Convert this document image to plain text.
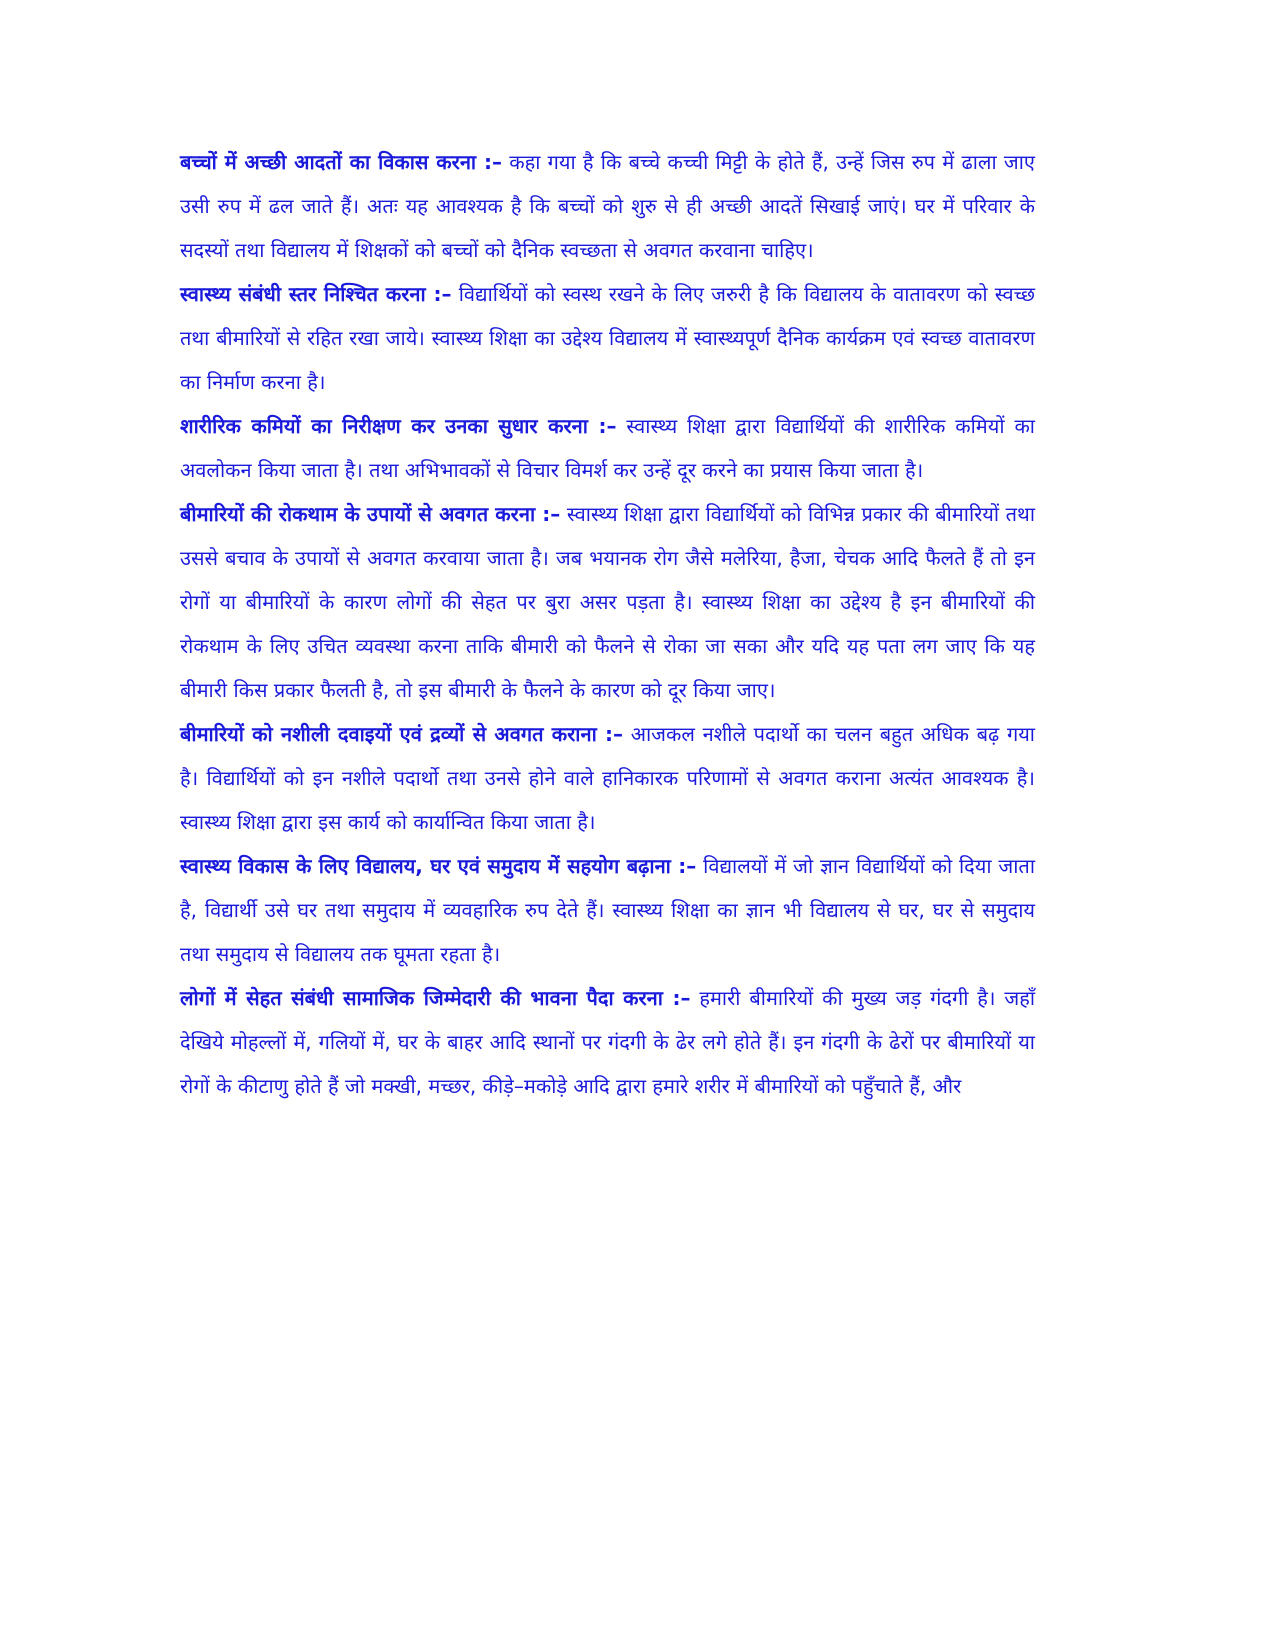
बच्चों में अच्छी आदतों का विकास करना :– कहा गया है कि बच्चे कच्ची मिट्टी के होते हैं, उन्हें जिस रुप में ढाला जाए उसी रुप में ढल जाते हैं। अतः यह आवश्यक है कि बच्चों को शुरु से ही अच्छी आदतें सिखाई जाएं। घर में परिवार के सदस्यों तथा विद्यालय में शिक्षकों को बच्चों को दैनिक स्वच्छता से अवगत करवाना चाहिए।

स्वास्थ्य संबंधी स्तर निश्चित करना :– विद्यार्थियों को स्वस्थ रखने के लिए जरुरी है कि विद्यालय के वातावरण को स्वच्छ तथा बीमारियों से रहित रखा जाये। स्वास्थ्य शिक्षा का उद्देश्य विद्यालय में स्वास्थ्यपूर्ण दैनिक कार्यक्रम एवं स्वच्छ वातावरण का निर्माण करना है।

शारीरिक कमियों का निरीक्षण कर उनका सुधार करना :– स्वास्थ्य शिक्षा द्वारा विद्यार्थियों की शारीरिक कमियों का अवलोकन किया जाता है। तथा अभिभावकों से विचार विमर्श कर उन्हें दूर करने का प्रयास किया जाता है।

बीमारियों की रोकथाम के उपायों से अवगत करना :– स्वास्थ्य शिक्षा द्वारा विद्यार्थियों को विभिन्न प्रकार की बीमारियों तथा उससे बचाव के उपायों से अवगत करवाया जाता है। जब भयानक रोग जैसे मलेरिया, हैजा, चेचक आदि फैलते हैं तो इन रोगों या बीमारियों के कारण लोगों की सेहत पर बुरा असर पड़ता है। स्वास्थ्य शिक्षा का उद्देश्य है इन बीमारियों की रोकथाम के लिए उचित व्यवस्था करना ताकि बीमारी को फैलने से रोका जा सका और यदि यह पता लग जाए कि यह बीमारी किस प्रकार फैलती है, तो इस बीमारी के फैलने के कारण को दूर किया जाए।

बीमारियों को नशीली दवाइयों एवं द्रव्यों से अवगत कराना :– आजकल नशीले पदार्थो का चलन बहुत अधिक बढ़ गया है। विद्यार्थियों को इन नशीले पदार्थो तथा उनसे होने वाले हानिकारक परिणामों से अवगत कराना अत्यंत आवश्यक है। स्वास्थ्य शिक्षा द्वारा इस कार्य को कार्यान्वित किया जाता है।

स्वास्थ्य विकास के लिए विद्यालय, घर एवं समुदाय में सहयोग बढ़ाना :– विद्यालयों में जो ज्ञान विद्यार्थियों को दिया जाता है, विद्यार्थी उसे घर तथा समुदाय में व्यवहारिक रुप देते हैं। स्वास्थ्य शिक्षा का ज्ञान भी विद्यालय से घर, घर से समुदाय तथा समुदाय से विद्यालय तक घूमता रहता है।

लोगों में सेहत संबंधी सामाजिक जिम्मेदारी की भावना पैदा करना :– हमारी बीमारियों की मुख्य जड़ गंदगी है। जहाँ देखिये मोहल्लों में, गलियों में, घर के बाहर आदि स्थानों पर गंदगी के ढेर लगे होते हैं। इन गंदगी के ढेरों पर बीमारियों या रोगों के कीटाणु होते हैं जो मक्खी, मच्छर, कीड़े–मकोड़े आदि द्वारा हमारे शरीर में बीमारियों को पहुँचाते हैं, और
